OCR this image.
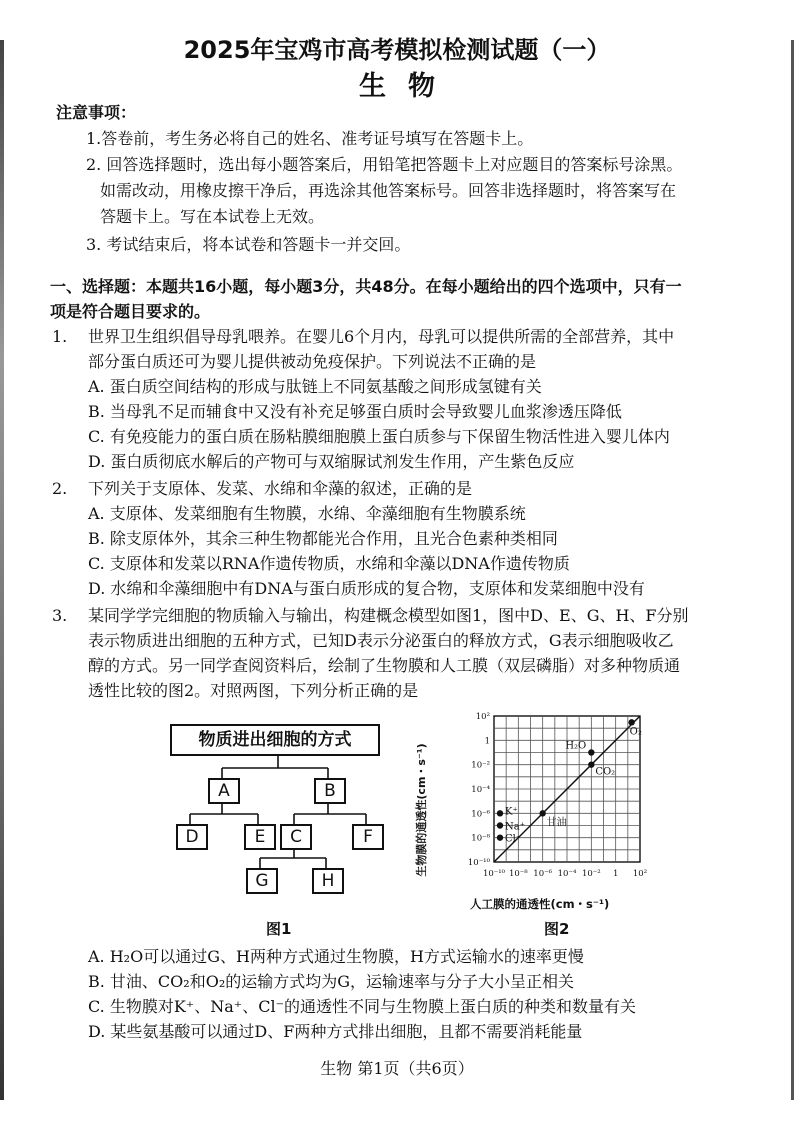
2025年宝鸡市高考模拟检测试题（一）
生物
注意事项：
1.答卷前，考生务必将自己的姓名、准考证号填写在答题卡上。
2. 回答选择题时，选出每小题答案后，用铅笔把答题卡上对应题目的答案标号涂黑。
如需改动，用橡皮擦干净后，再选涂其他答案标号。回答非选择题时，将答案写在
答题卡上。写在本试卷上无效。
3. 考试结束后，将本试卷和答题卡一并交回。
一、选择题：本题共16小题，每小题3分，共48分。在每小题给出的四个选项中，只有一
项是符合题目要求的。
1. 世界卫生组织倡导母乳喂养。在婴儿6个月内，母乳可以提供所需的全部营养，其中
部分蛋白质还可为婴儿提供被动免疫保护。下列说法不正确的是
A. 蛋白质空间结构的形成与肽链上不同氨基酸之间形成氢键有关
B. 当母乳不足而辅食中又没有补充足够蛋白质时会导致婴儿血浆渗透压降低
C. 有免疫能力的蛋白质在肠粘膜细胞膜上蛋白质参与下保留生物活性进入婴儿体内
D. 蛋白质彻底水解后的产物可与双缩脲试剂发生作用，产生紫色反应
2. 下列关于支原体、发菜、水绵和伞藻的叙述，正确的是
A. 支原体、发菜细胞有生物膜，水绵、伞藻细胞有生物膜系统
B. 除支原体外，其余三种生物都能光合作用，且光合色素种类相同
C. 支原体和发菜以RNA作遗传物质，水绵和伞藻以DNA作遗传物质
D. 水绵和伞藻细胞中有DNA与蛋白质形成的复合物，支原体和发菜细胞中没有
3. 某同学学完细胞的物质输入与输出，构建概念模型如图1，图中D、E、G、H、F分别
表示物质进出细胞的五种方式，已知D表示分泌蛋白的释放方式，G表示细胞吸收乙
醇的方式。另一同学查阅资料后，绘制了生物膜和人工膜（双层磷脂）对多种物质通
透性比较的图2。对照两图，下列分析正确的是
物质进出细胞的方式
A	B
D	E	C	F
G	H
图1
10²
1
10⁻²
10⁻⁴
10⁻⁶
10⁻⁸
10⁻¹⁰
10⁻¹⁰ 10⁻⁸ 10⁻⁶ 10⁻⁴ 10⁻² 1 10²
O₂
H₂O
CO₂
甘油
K⁺
Na⁺
Cl⁻
生物膜的通透性(cm・s⁻¹)
人工膜的通透性(cm・s⁻¹)
图2
A. H₂O可以通过G、H两种方式通过生物膜，H方式运输水的速率更慢
B. 甘油、CO₂和O₂的运输方式均为G，运输速率与分子大小呈正相关
C. 生物膜对K⁺、Na⁺、Cl⁻的通透性不同与生物膜上蛋白质的种类和数量有关
D. 某些氨基酸可以通过D、F两种方式排出细胞，且都不需要消耗能量
生物 第1页（共6页）
